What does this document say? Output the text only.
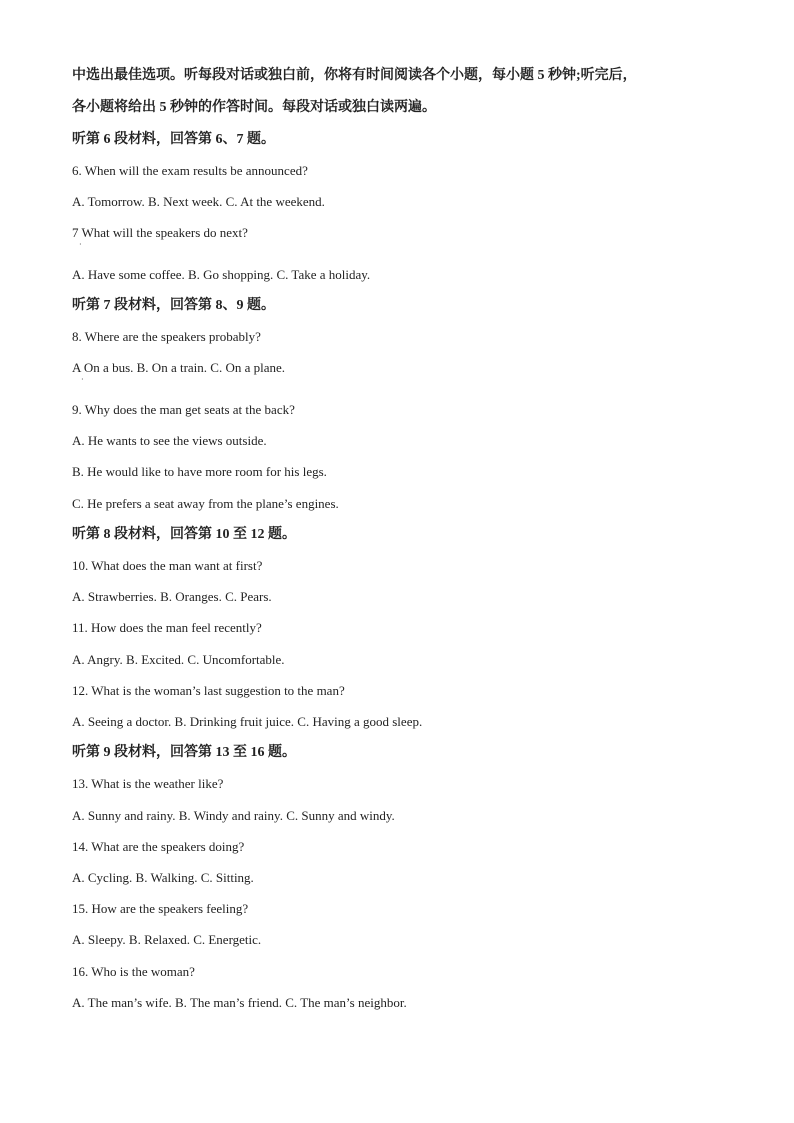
中选出最佳选项。听每段对话或独白前，你将有时间阅读各个小题，每小题 5 秒钟;听完后，
各小题将给出 5 秒钟的作答时间。每段对话或独白读两遍。
听第 6 段材料，回答第 6、7 题。
6. When will the exam results be announced?
A. Tomorrow. B. Next week. C. At the weekend.
7 What will the speakers do next?
·
A. Have some coffee. B. Go shopping. C. Take a holiday.
听第 7 段材料，回答第 8、9 题。
8. Where are the speakers probably?
A On a bus. B. On a train. C. On a plane.
·
9. Why does the man get seats at the back?
A. He wants to see the views outside.
B. He would like to have more room for his legs.
C. He prefers a seat away from the plane’s engines.
听第 8 段材料，回答第 10 至 12 题。
10. What does the man want at first?
A. Strawberries. B. Oranges. C. Pears.
11. How does the man feel recently?
A. Angry. B. Excited. C. Uncomfortable.
12. What is the woman’s last suggestion to the man?
A. Seeing a doctor. B. Drinking fruit juice. C. Having a good sleep.
听第 9 段材料，回答第 13 至 16 题。
13. What is the weather like?
A. Sunny and rainy. B. Windy and rainy. C. Sunny and windy.
14. What are the speakers doing?
A. Cycling. B. Walking. C. Sitting.
15. How are the speakers feeling?
A. Sleepy. B. Relaxed. C. Energetic.
16. Who is the woman?
A. The man’s wife. B. The man’s friend. C. The man’s neighbor.
